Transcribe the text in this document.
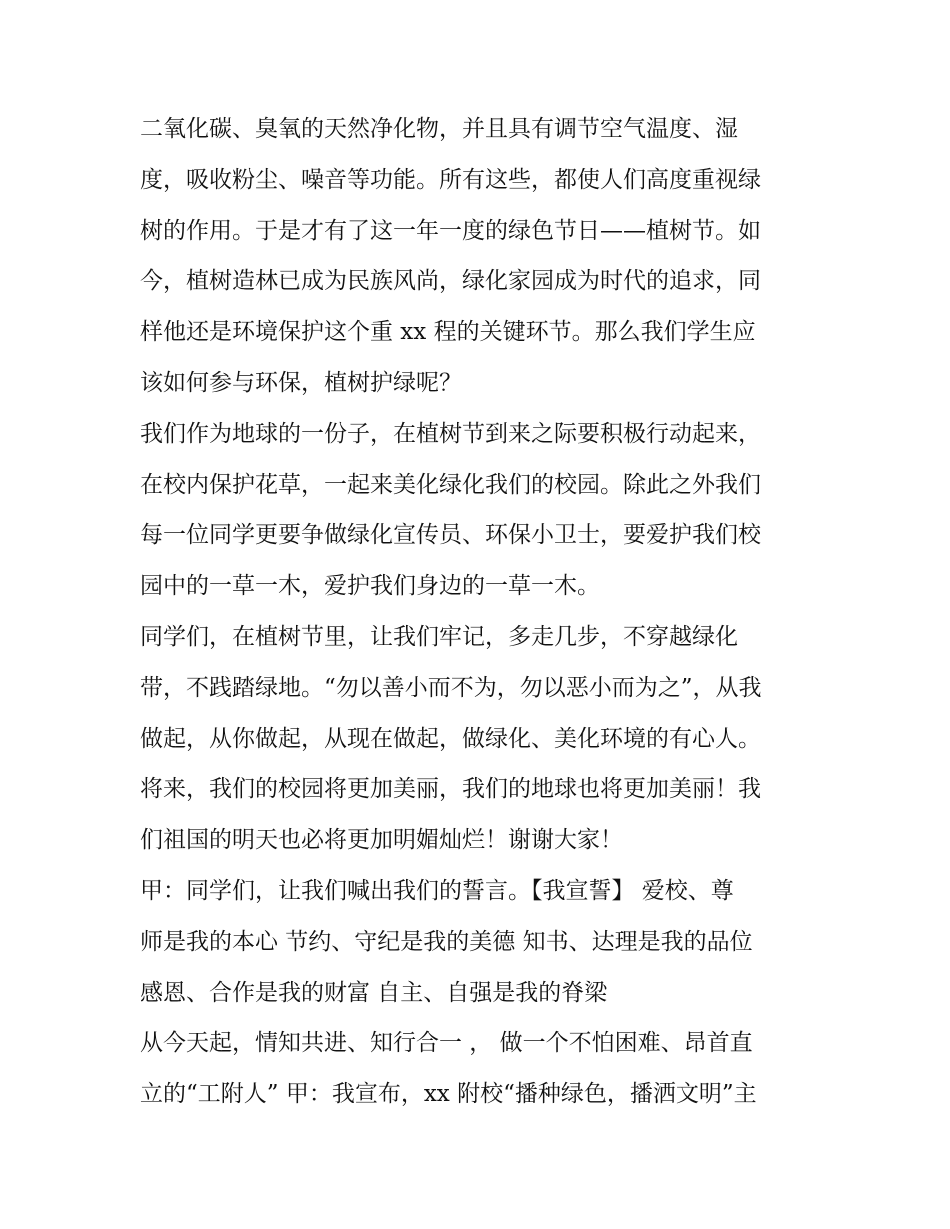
二氧化碳、臭氧的天然净化物，并且具有调节空气温度、湿
度，吸收粉尘、噪音等功能。所有这些，都使人们高度重视绿
树的作用。于是才有了这一年一度的绿色节日——植树节。如
今，植树造林已成为民族风尚，绿化家园成为时代的追求，同
样他还是环境保护这个重 xx 程的关键环节。那么我们学生应
该如何参与环保，植树护绿呢？
我们作为地球的一份子，在植树节到来之际要积极行动起来，
在校内保护花草，一起来美化绿化我们的校园。除此之外我们
每一位同学更要争做绿化宣传员、环保小卫士，要爱护我们校
园中的一草一木，爱护我们身边的一草一木。
同学们，在植树节里，让我们牢记，多走几步，不穿越绿化
带，不践踏绿地。“勿以善小而不为，勿以恶小而为之”，从我
做起，从你做起，从现在做起，做绿化、美化环境的有心人。
将来，我们的校园将更加美丽，我们的地球也将更加美丽！我
们祖国的明天也必将更加明媚灿烂！谢谢大家！
甲：同学们，让我们喊出我们的誓言。【我宣誓】 爱校、尊
师是我的本心 节约、守纪是我的美德 知书、达理是我的品位
感恩、合作是我的财富 自主、自强是我的脊梁
从今天起，情知共进、知行合一 ， 做一个不怕困难、昂首直
立的“工附人” 甲：我宣布，xx 附校“播种绿色，播洒文明”主
